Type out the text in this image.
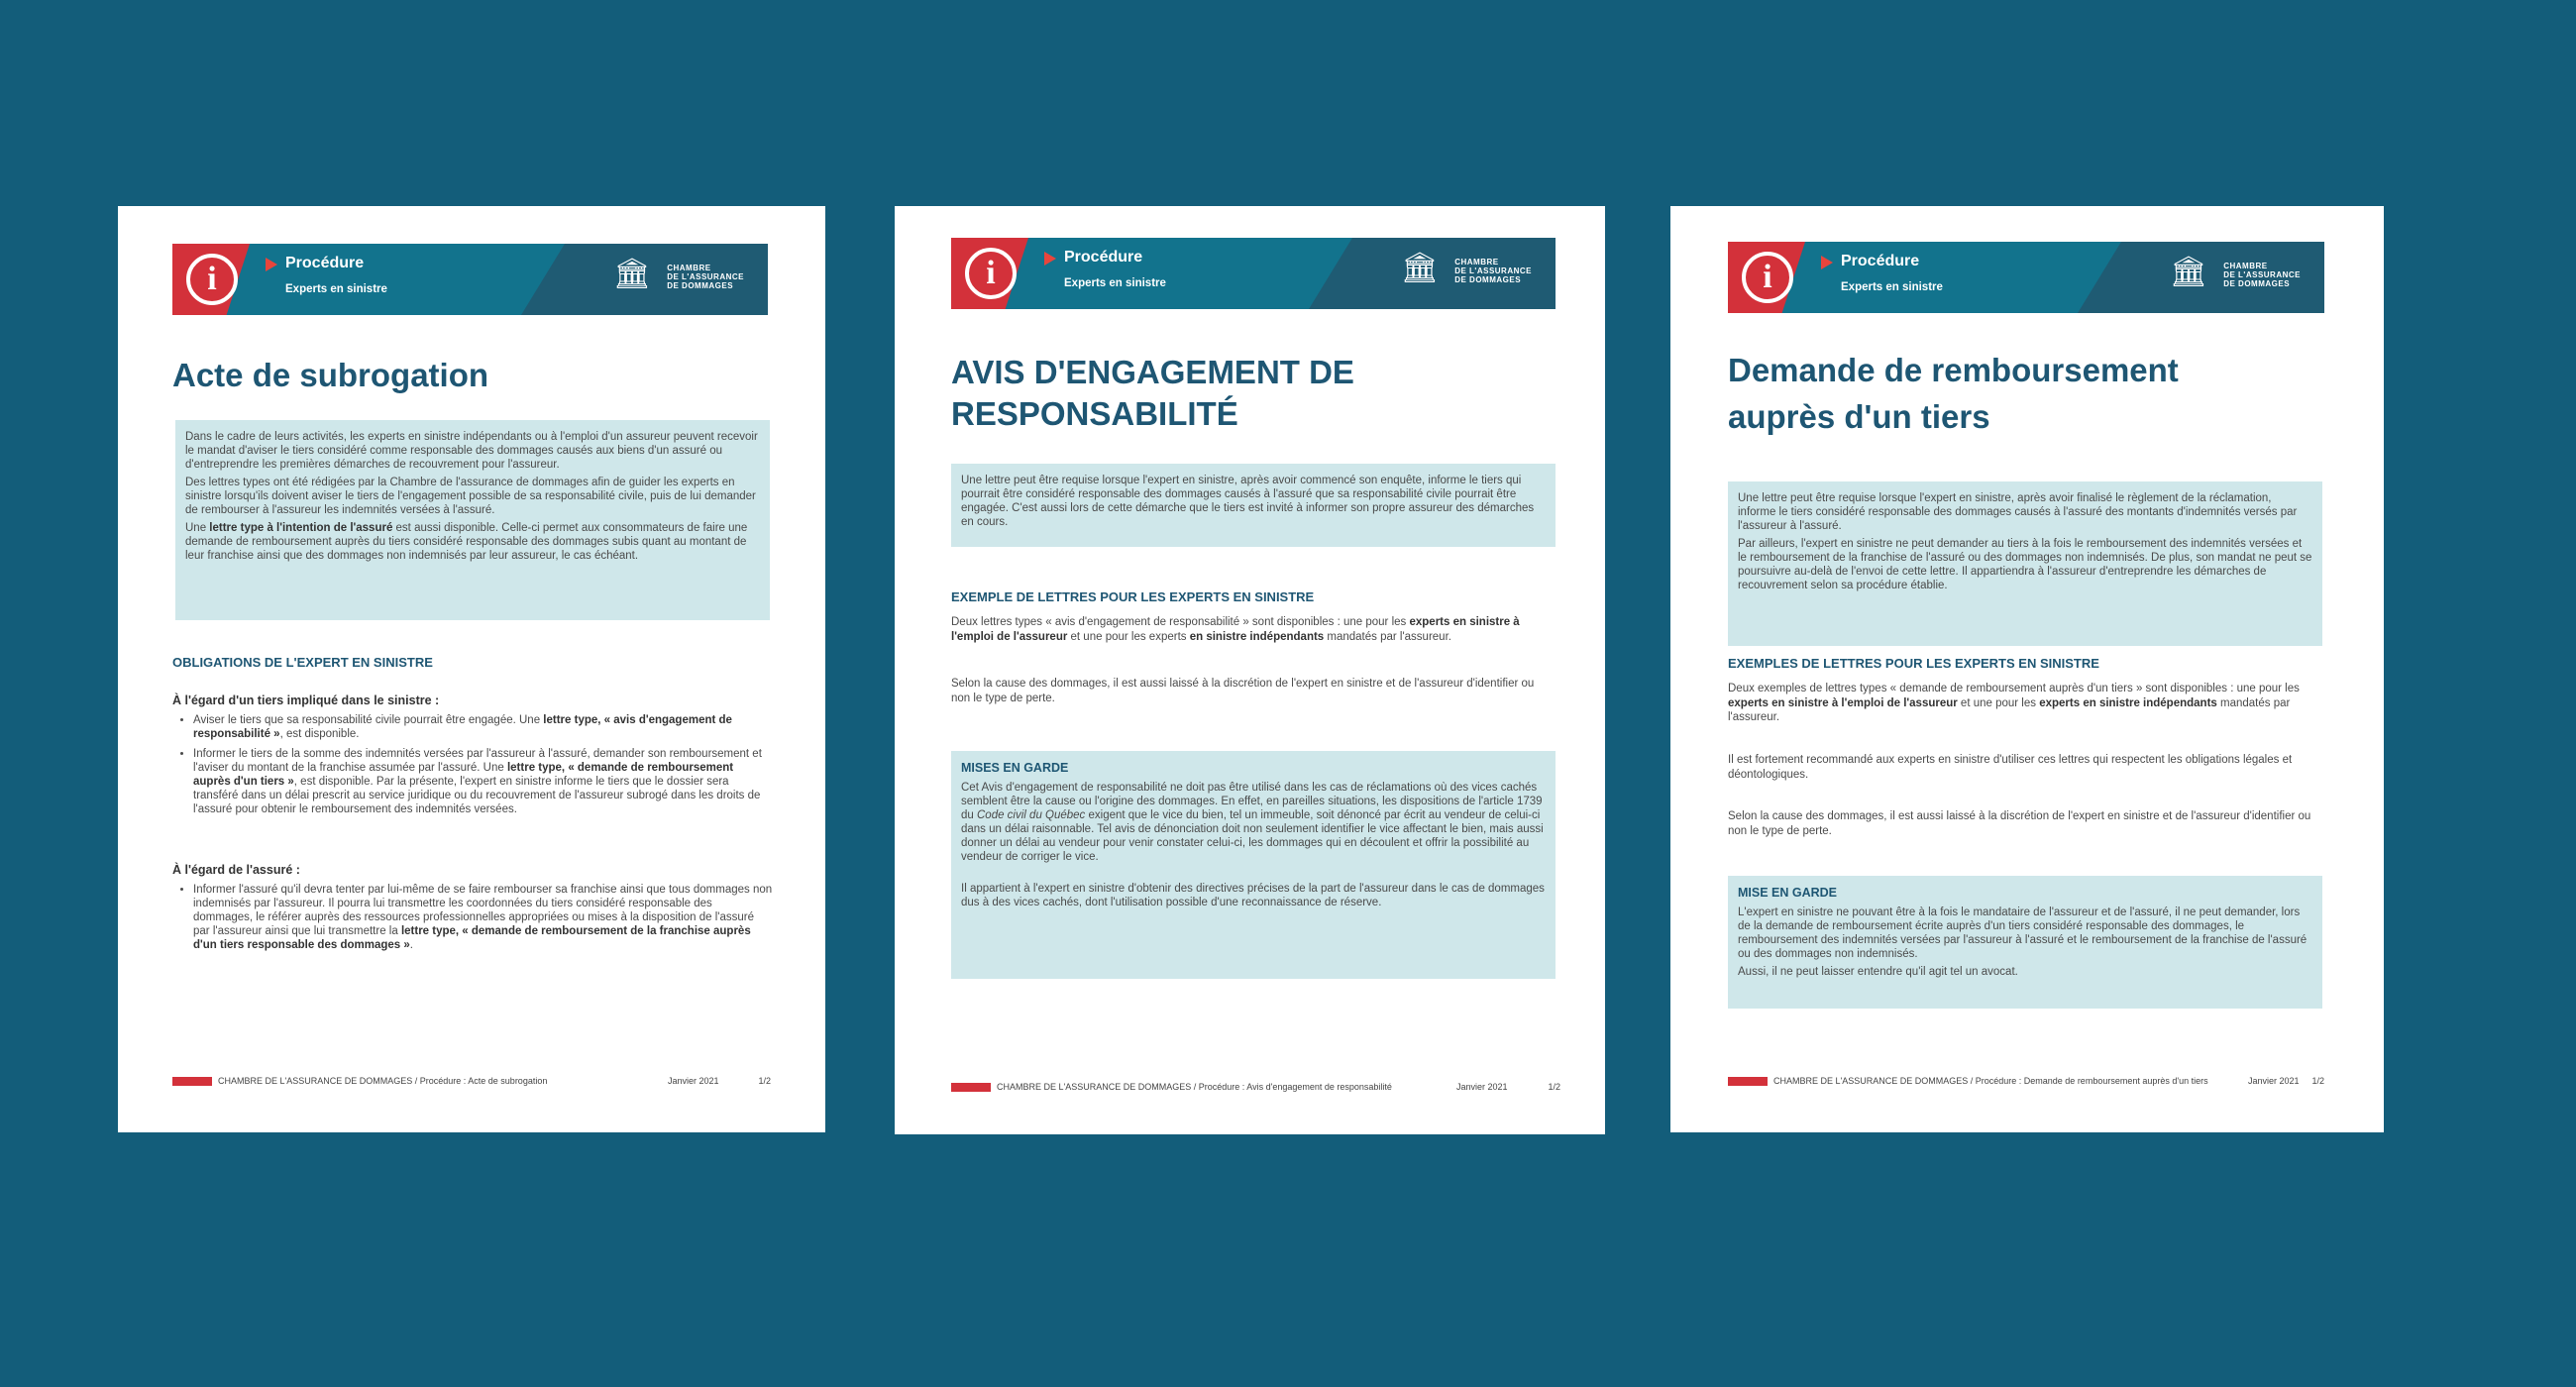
i	Procédure
Experts en sinistre	🏛 CHAMBRE
DE L'ASSURANCE
DE DOMMAGES
Acte de subrogation

Dans le cadre de leurs activités, les experts en sinistre indépendants ou à l'emploi d'un assureur peuvent recevoir le mandat d'aviser le tiers considéré comme responsable des dommages causés aux biens d'un assuré ou d'entreprendre les premières démarches de recouvrement pour l'assureur.

Des lettres types ont été rédigées par la Chambre de l'assurance de dommages afin de guider les experts en sinistre lorsqu'ils doivent aviser le tiers de l'engagement possible de sa responsabilité civile, puis de lui demander de rembourser à l'assureur les indemnités versées à l'assuré.

Une lettre type à l'intention de l'assuré est aussi disponible. Celle-ci permet aux consommateurs de faire une demande de remboursement auprès du tiers considéré responsable des dommages subis quant au montant de leur franchise ainsi que des dommages non indemnisés par leur assureur, le cas échéant.

OBLIGATIONS DE L'EXPERT EN SINISTRE
À l'égard d'un tiers impliqué dans le sinistre :
• Aviser le tiers que sa responsabilité civile pourrait être engagée. Une lettre type, « avis d'engagement de responsabilité », est disponible.
• Informer le tiers de la somme des indemnités versées par l'assureur à l'assuré, demander son remboursement et l'aviser du montant de la franchise assumée par l'assuré. Une lettre type, « demande de remboursement auprès d'un tiers », est disponible. Par la présente, l'expert en sinistre informe le tiers que le dossier sera transféré dans un délai prescrit au service juridique ou du recouvrement de l'assureur subrogé dans les droits de l'assuré pour obtenir le remboursement des indemnités versées.
À l'égard de l'assuré :
• Informer l'assuré qu'il devra tenter par lui-même de se faire rembourser sa franchise ainsi que tous dommages non indemnisés par l'assureur. Il pourra lui transmettre les coordonnées du tiers considéré responsable des dommages, le référer auprès des ressources professionnelles appropriées ou mises à la disposition de l'assuré par l'assureur ainsi que lui transmettre la lettre type, « demande de remboursement de la franchise auprès d'un tiers responsable des dommages ».
CHAMBRE DE L'ASSURANCE DE DOMMAGES / Procédure : Acte de subrogation	Janvier 2021	1/2
i	Procédure
Experts en sinistre	🏛 CHAMBRE
DE L'ASSURANCE
DE DOMMAGES
AVIS D'ENGAGEMENT DE RESPONSABILITÉ

Une lettre peut être requise lorsque l'expert en sinistre, après avoir commencé son enquête, informe le tiers qui pourrait être considéré responsable des dommages causés à l'assuré que sa responsabilité civile pourrait être engagée. C'est aussi lors de cette démarche que le tiers est invité à informer son propre assureur des démarches en cours.

EXEMPLE DE LETTRES POUR LES EXPERTS EN SINISTRE

Deux lettres types « avis d'engagement de responsabilité » sont disponibles : une pour les experts en sinistre à l'emploi de l'assureur et une pour les experts en sinistre indépendants mandatés par l'assureur.

Selon la cause des dommages, il est aussi laissé à la discrétion de l'expert en sinistre et de l'assureur d'identifier ou non le type de perte.

MISES EN GARDE

Cet Avis d'engagement de responsabilité ne doit pas être utilisé dans les cas de réclamations où des vices cachés semblent être la cause ou l'origine des dommages. En effet, en pareilles situations, les dispositions de l'article 1739 du Code civil du Québec exigent que le vice du bien, tel un immeuble, soit dénoncé par écrit au vendeur de celui-ci dans un délai raisonnable. Tel avis de dénonciation doit non seulement identifier le vice affectant le bien, mais aussi donner un délai au vendeur pour venir constater celui-ci, les dommages qui en découlent et offrir la possibilité au vendeur de corriger le vice.

Il appartient à l'expert en sinistre d'obtenir des directives précises de la part de l'assureur dans le cas de dommages dus à des vices cachés, dont l'utilisation possible d'une reconnaissance de réserve.

CHAMBRE DE L'ASSURANCE DE DOMMAGES / Procédure : Avis d'engagement de responsabilité	Janvier 2021	1/2
i	Procédure
Experts en sinistre	🏛 CHAMBRE
DE L'ASSURANCE
DE DOMMAGES
Demande de remboursement auprès d'un tiers

Une lettre peut être requise lorsque l'expert en sinistre, après avoir finalisé le règlement de la réclamation, informe le tiers considéré responsable des dommages causés à l'assuré des montants d'indemnités versés par l'assureur à l'assuré.

Par ailleurs, l'expert en sinistre ne peut demander au tiers à la fois le remboursement des indemnités versées et le remboursement de la franchise de l'assuré ou des dommages non indemnisés. De plus, son mandat ne peut se poursuivre au-delà de l'envoi de cette lettre. Il appartiendra à l'assureur d'entreprendre les démarches de recouvrement selon sa procédure établie.

EXEMPLES DE LETTRES POUR LES EXPERTS EN SINISTRE

Deux exemples de lettres types « demande de remboursement auprès d'un tiers » sont disponibles : une pour les experts en sinistre à l'emploi de l'assureur et une pour les experts en sinistre indépendants mandatés par l'assureur.

Il est fortement recommandé aux experts en sinistre d'utiliser ces lettres qui respectent les obligations légales et déontologiques.

Selon la cause des dommages, il est aussi laissé à la discrétion de l'expert en sinistre et de l'assureur d'identifier ou non le type de perte.

MISE EN GARDE

L'expert en sinistre ne pouvant être à la fois le mandataire de l'assureur et de l'assuré, il ne peut demander, lors de la demande de remboursement écrite auprès d'un tiers considéré responsable des dommages, le remboursement des indemnités versées par l'assureur à l'assuré et le remboursement de la franchise de l'assuré ou des dommages non indemnisés.

Aussi, il ne peut laisser entendre qu'il agit tel un avocat.

CHAMBRE DE L'ASSURANCE DE DOMMAGES / Procédure : Demande de remboursement auprès d'un tiers	Janvier 2021 1/2
